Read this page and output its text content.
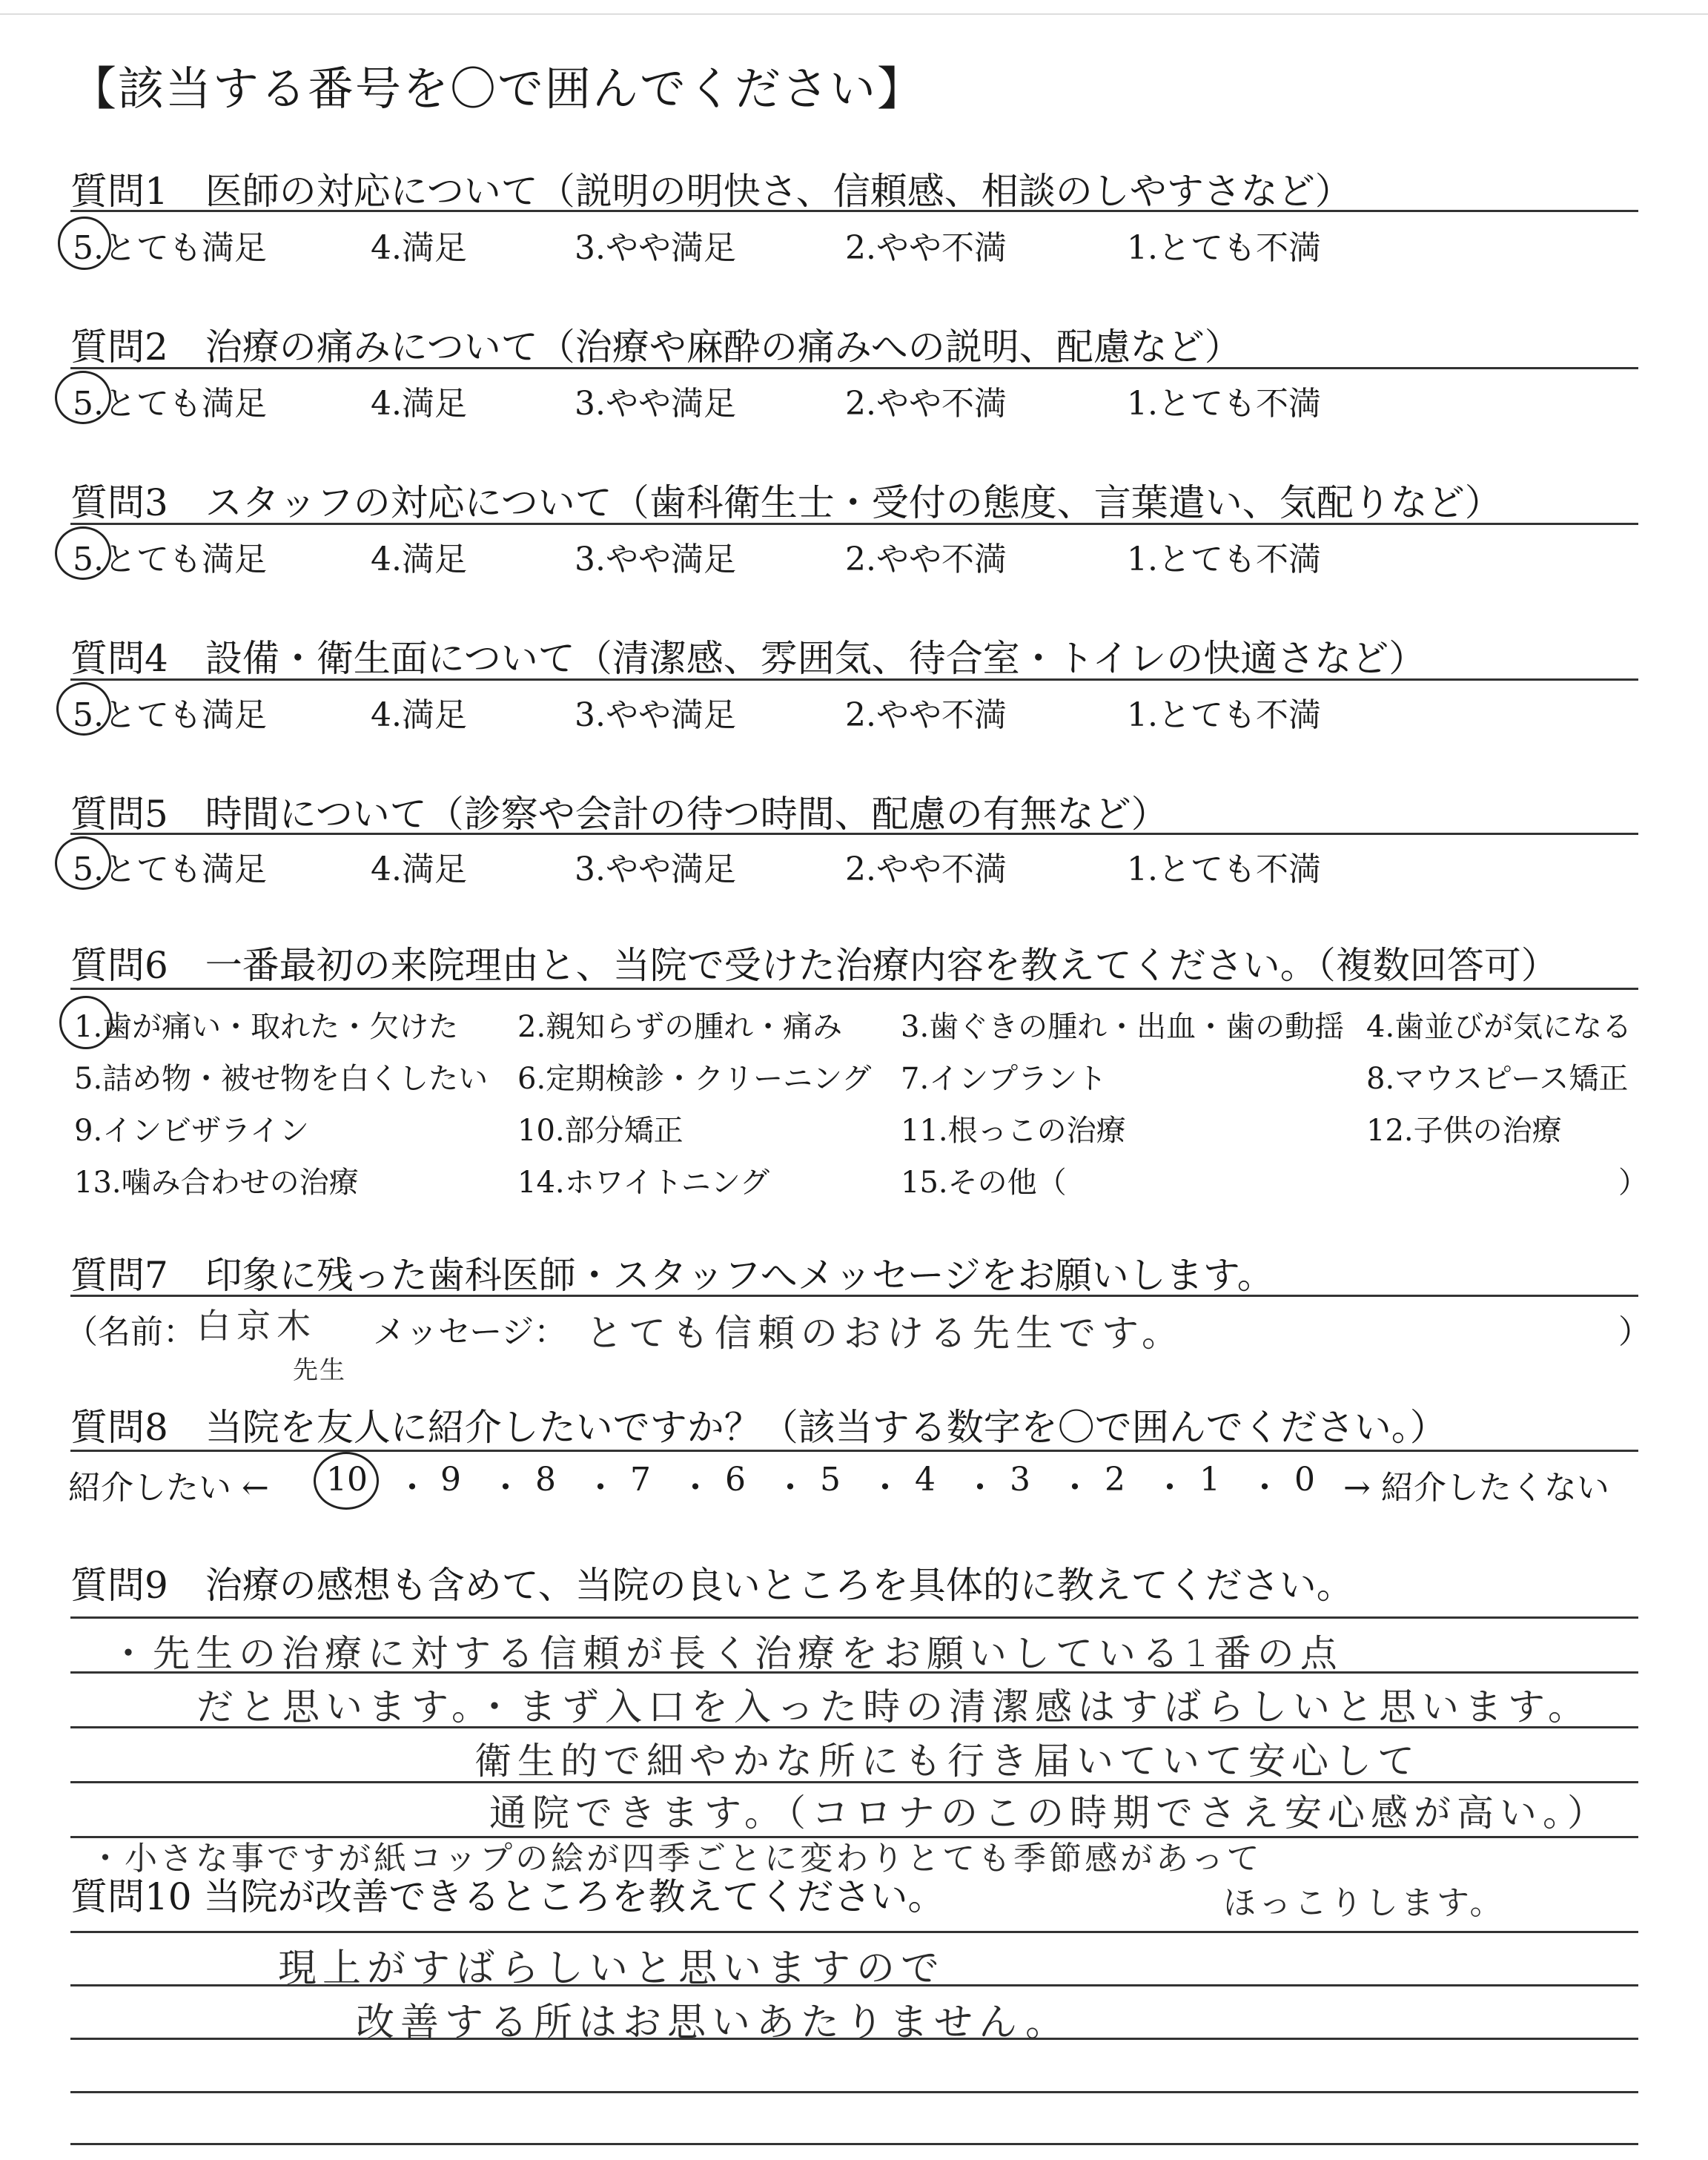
【該当する番号を〇で囲んでください】
質問1　医師の対応について（説明の明快さ、信頼感、相談のしやすさなど）
5.とても満足	4.満足	3.やや満足	2.やや不満	1.とても不満
質問2　治療の痛みについて（治療や麻酔の痛みへの説明、配慮など）
5.とても満足	4.満足	3.やや満足	2.やや不満	1.とても不満
質問3　スタッフの対応について（歯科衛生士・受付の態度、言葉遣い、気配りなど）
5.とても満足	4.満足	3.やや満足	2.やや不満	1.とても不満
質問4　設備・衛生面について（清潔感、雰囲気、待合室・トイレの快適さなど）
5.とても満足	4.満足	3.やや満足	2.やや不満	1.とても不満
質問5　時間について（診察や会計の待つ時間、配慮の有無など）
5.とても満足	4.満足	3.やや満足	2.やや不満	1.とても不満
質問6　一番最初の来院理由と、当院で受けた治療内容を教えてください。（複数回答可）
1.歯が痛い・取れた・欠けた 2.親知らずの腫れ・痛み 3.歯ぐきの腫れ・出血・歯の動揺 4.歯並びが気になる
5.詰め物・被せ物を白くしたい 6.定期検診・クリーニング 7.インプラント	8.マウスピース矯正
9.インビザライン	10.部分矯正	11.根っこの治療	12.子供の治療
13.噛み合わせの治療	14.ホワイトニング	15.その他（	）
質問7　印象に残った歯科医師・スタッフへメッセージをお願いします。
（名前： 白京木
先生
メッセージ： とても信頼のおける先生です。	）
質問8　当院を友人に紹介したいですか？（該当する数字を〇で囲んでください。）
紹介したい ← 10 ・ 9 ・ 8 ・ 7 ・ 6 ・ 5 ・ 4 ・ 3 ・ 2 ・ 1 ・ 0 → 紹介したくない
質問9　治療の感想も含めて、当院の良いところを具体的に教えてください。
・先生の治療に対する信頼が長く治療をお願いしている1番の点
だと思います。・まず入口を入った時の清潔感はすばらしいと思います。
衛生的で細やかな所にも行き届いていて安心して
通院できます。（コロナのこの時期でさえ安心感が高い。）
・小さな事ですが紙コップの絵が四季ごとに変わりとても季節感があって
ほっこりします。
質問10 当院が改善できるところを教えてください。
現上がすばらしいと思いますので
改善する所はお思いあたりません。
